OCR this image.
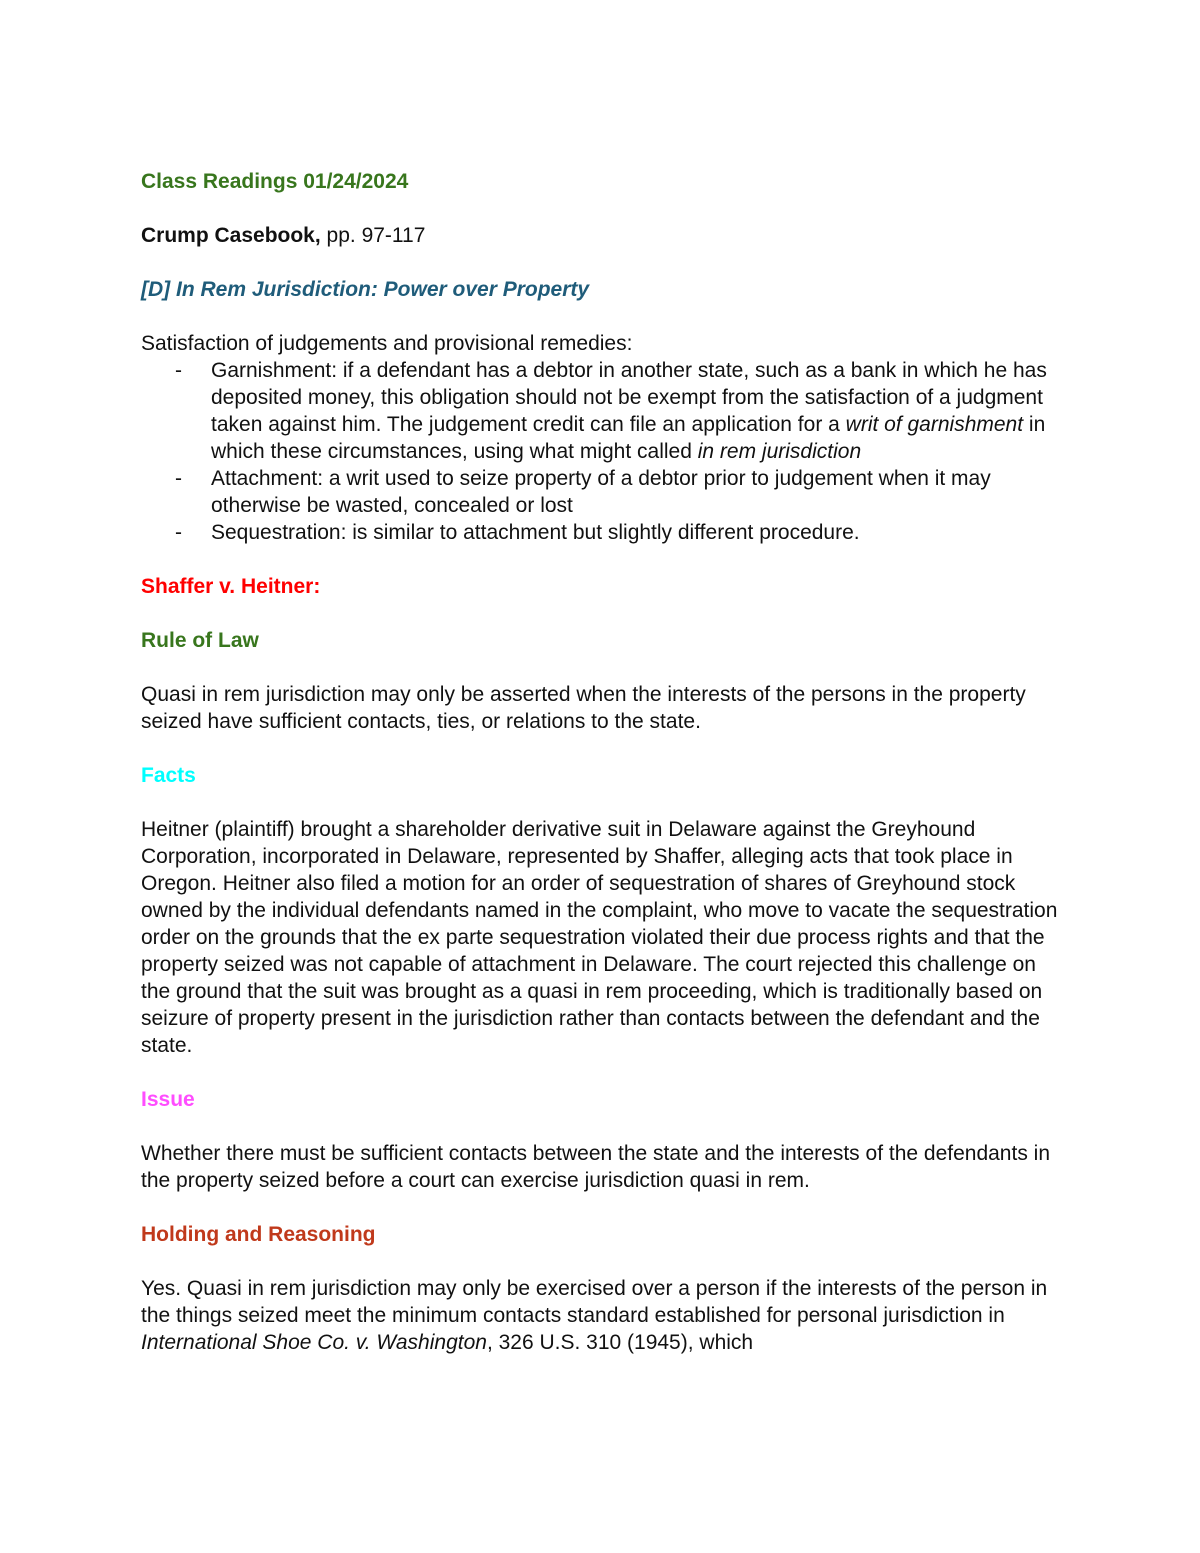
Class Readings 01/24/2024

Crump Casebook, pp. 97-117

[D] In Rem Jurisdiction: Power over Property

Satisfaction of judgements and provisional remedies:

- Garnishment: if a defendant has a debtor in another state, such as a bank in which he has deposited money, this obligation should not be exempt from the satisfaction of a judgment taken against him. The judgement credit can file an application for a writ of garnishment in which these circumstances, using what might called in rem jurisdiction
- Attachment: a writ used to seize property of a debtor prior to judgement when it may otherwise be wasted, concealed or lost
- Sequestration: is similar to attachment but slightly different procedure.

Shaffer v. Heitner:

Rule of Law

Quasi in rem jurisdiction may only be asserted when the interests of the persons in the property seized have sufficient contacts, ties, or relations to the state.

Facts

Heitner (plaintiff) brought a shareholder derivative suit in Delaware against the Greyhound Corporation, incorporated in Delaware, represented by Shaffer, alleging acts that took place in Oregon. Heitner also filed a motion for an order of sequestration of shares of Greyhound stock owned by the individual defendants named in the complaint, who move to vacate the sequestration order on the grounds that the ex parte sequestration violated their due process rights and that the property seized was not capable of attachment in Delaware. The court rejected this challenge on the ground that the suit was brought as a quasi in rem proceeding, which is traditionally based on seizure of property present in the jurisdiction rather than contacts between the defendant and the state.

Issue

Whether there must be sufficient contacts between the state and the interests of the defendants in the property seized before a court can exercise jurisdiction quasi in rem.

Holding and Reasoning

Yes. Quasi in rem jurisdiction may only be exercised over a person if the interests of the person in the things seized meet the minimum contacts standard established for personal jurisdiction in International Shoe Co. v. Washington, 326 U.S. 310 (1945), which
